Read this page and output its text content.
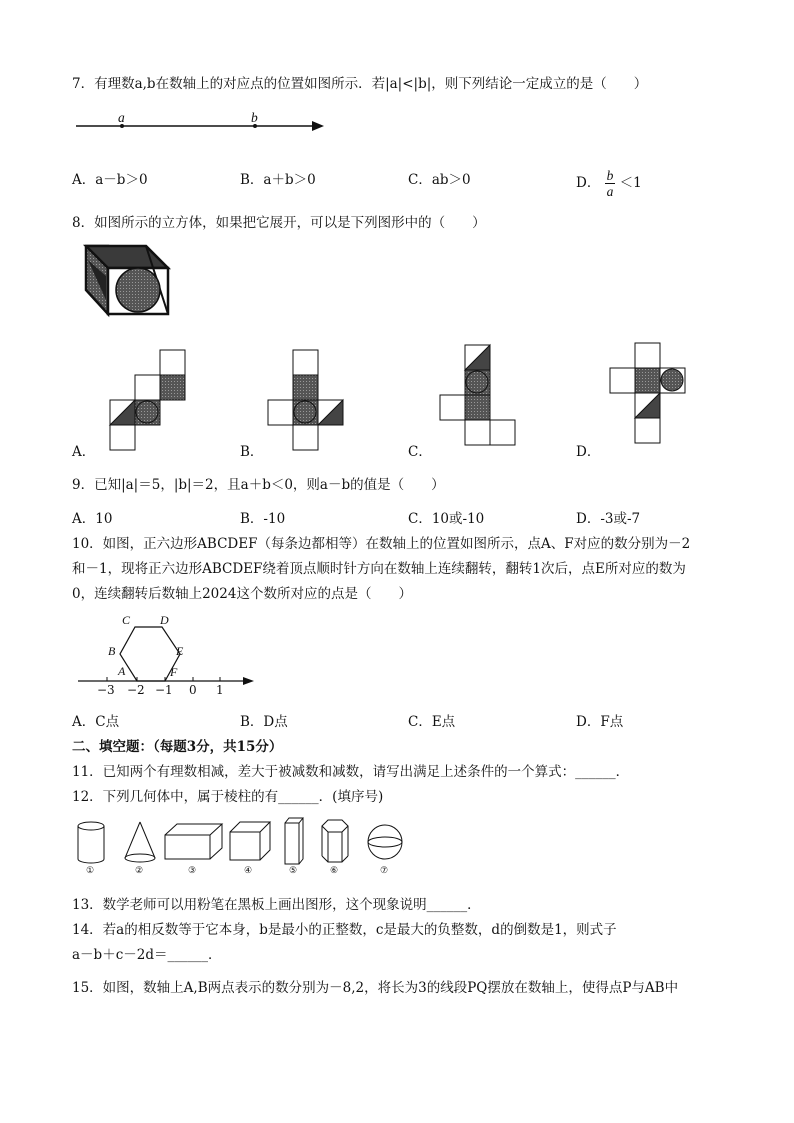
7．有理数a,b在数轴上的对应点的位置如图所示．若|a|<|b|，则下列结论一定成立的是（　　）
a	b
A．a－b＞0	B．a＋b＞0	C．ab＞0	D． $\frac{b}{a} <1$
8．如图所示的立方体，如果把它展开，可以是下列图形中的（　　）
A．	B．	C．	D．
9．已知|a|＝5，|b|＝2，且a＋b＜0，则a－b的值是（　　）
A．10	B．-10	C．10或-10	D．-3或-7
10．如图，正六边形ABCDEF（每条边都相等）在数轴上的位置如图所示，点A、F对应的数分别为－2
和－1，现将正六边形ABCDEF绕着顶点顺时针方向在数轴上连续翻转，翻转1次后，点E所对应的数为
0，连续翻转后数轴上2024这个数所对应的点是（　　）
A
B
C D
E
F
−3 −2 −1 0 1
A．C点	B．D点	C．E点	D．F点
二、填空题：（每题3分，共15分）
11．已知两个有理数相减，差大于被减数和减数，请写出满足上述条件的一个算式：______．
12．下列几何体中，属于棱柱的有______．(填序号)
①	②	③	④	⑤	⑥	⑦
13．数学老师可以用粉笔在黑板上画出图形，这个现象说明______．
14．若a的相反数等于它本身，b是最小的正整数，c是最大的负整数，d的倒数是1，则式子
a－b＋c－2d＝______．
15．如图，数轴上A,B两点表示的数分别为－8,2，将长为3的线段PQ摆放在数轴上，使得点P与AB中
